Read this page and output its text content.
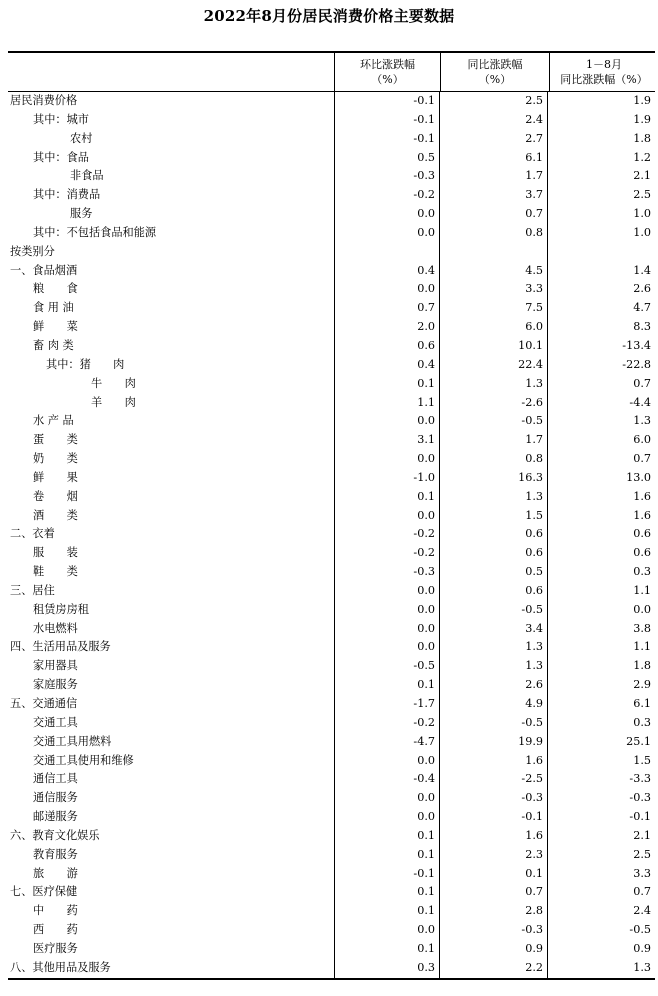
2022年8月份居民消费价格主要数据
环比涨跌幅
（%）
同比涨跌幅
（%）
1－8月
同比涨跌幅（%）
居民消费价格	-0.1	2.5	1.9
其中：城市	-0.1	2.4	1.9
农村	-0.1	2.7	1.8
其中：食品	0.5	6.1	1.2
非食品	-0.3	1.7	2.1
其中：消费品	-0.2	3.7	2.5
服务	0.0	0.7	1.0
其中：不包括食品和能源	0.0	0.8	1.0
按类别分
一、食品烟酒	0.4	4.5	1.4
粮　　食	0.0	3.3	2.6
食 用 油	0.7	7.5	4.7
鲜　　菜	2.0	6.0	8.3
畜 肉 类	0.6	10.1	-13.4
其中：猪　　肉	0.4	22.4	-22.8
牛　　肉	0.1	1.3	0.7
羊　　肉	1.1	-2.6	-4.4
水 产 品	0.0	-0.5	1.3
蛋　　类	3.1	1.7	6.0
奶　　类	0.0	0.8	0.7
鲜　　果	-1.0	16.3	13.0
卷　　烟	0.1	1.3	1.6
酒　　类	0.0	1.5	1.6
二、衣着	-0.2	0.6	0.6
服　　装	-0.2	0.6	0.6
鞋　　类	-0.3	0.5	0.3
三、居住	0.0	0.6	1.1
租赁房房租	0.0	-0.5	0.0
水电燃料	0.0	3.4	3.8
四、生活用品及服务	0.0	1.3	1.1
家用器具	-0.5	1.3	1.8
家庭服务	0.1	2.6	2.9
五、交通通信	-1.7	4.9	6.1
交通工具	-0.2	-0.5	0.3
交通工具用燃料	-4.7	19.9	25.1
交通工具使用和维修	0.0	1.6	1.5
通信工具	-0.4	-2.5	-3.3
通信服务	0.0	-0.3	-0.3
邮递服务	0.0	-0.1	-0.1
六、教育文化娱乐	0.1	1.6	2.1
教育服务	0.1	2.3	2.5
旅　　游	-0.1	0.1	3.3
七、医疗保健	0.1	0.7	0.7
中　　药	0.1	2.8	2.4
西　　药	0.0	-0.3	-0.5
医疗服务	0.1	0.9	0.9
八、其他用品及服务	0.3	2.2	1.3
